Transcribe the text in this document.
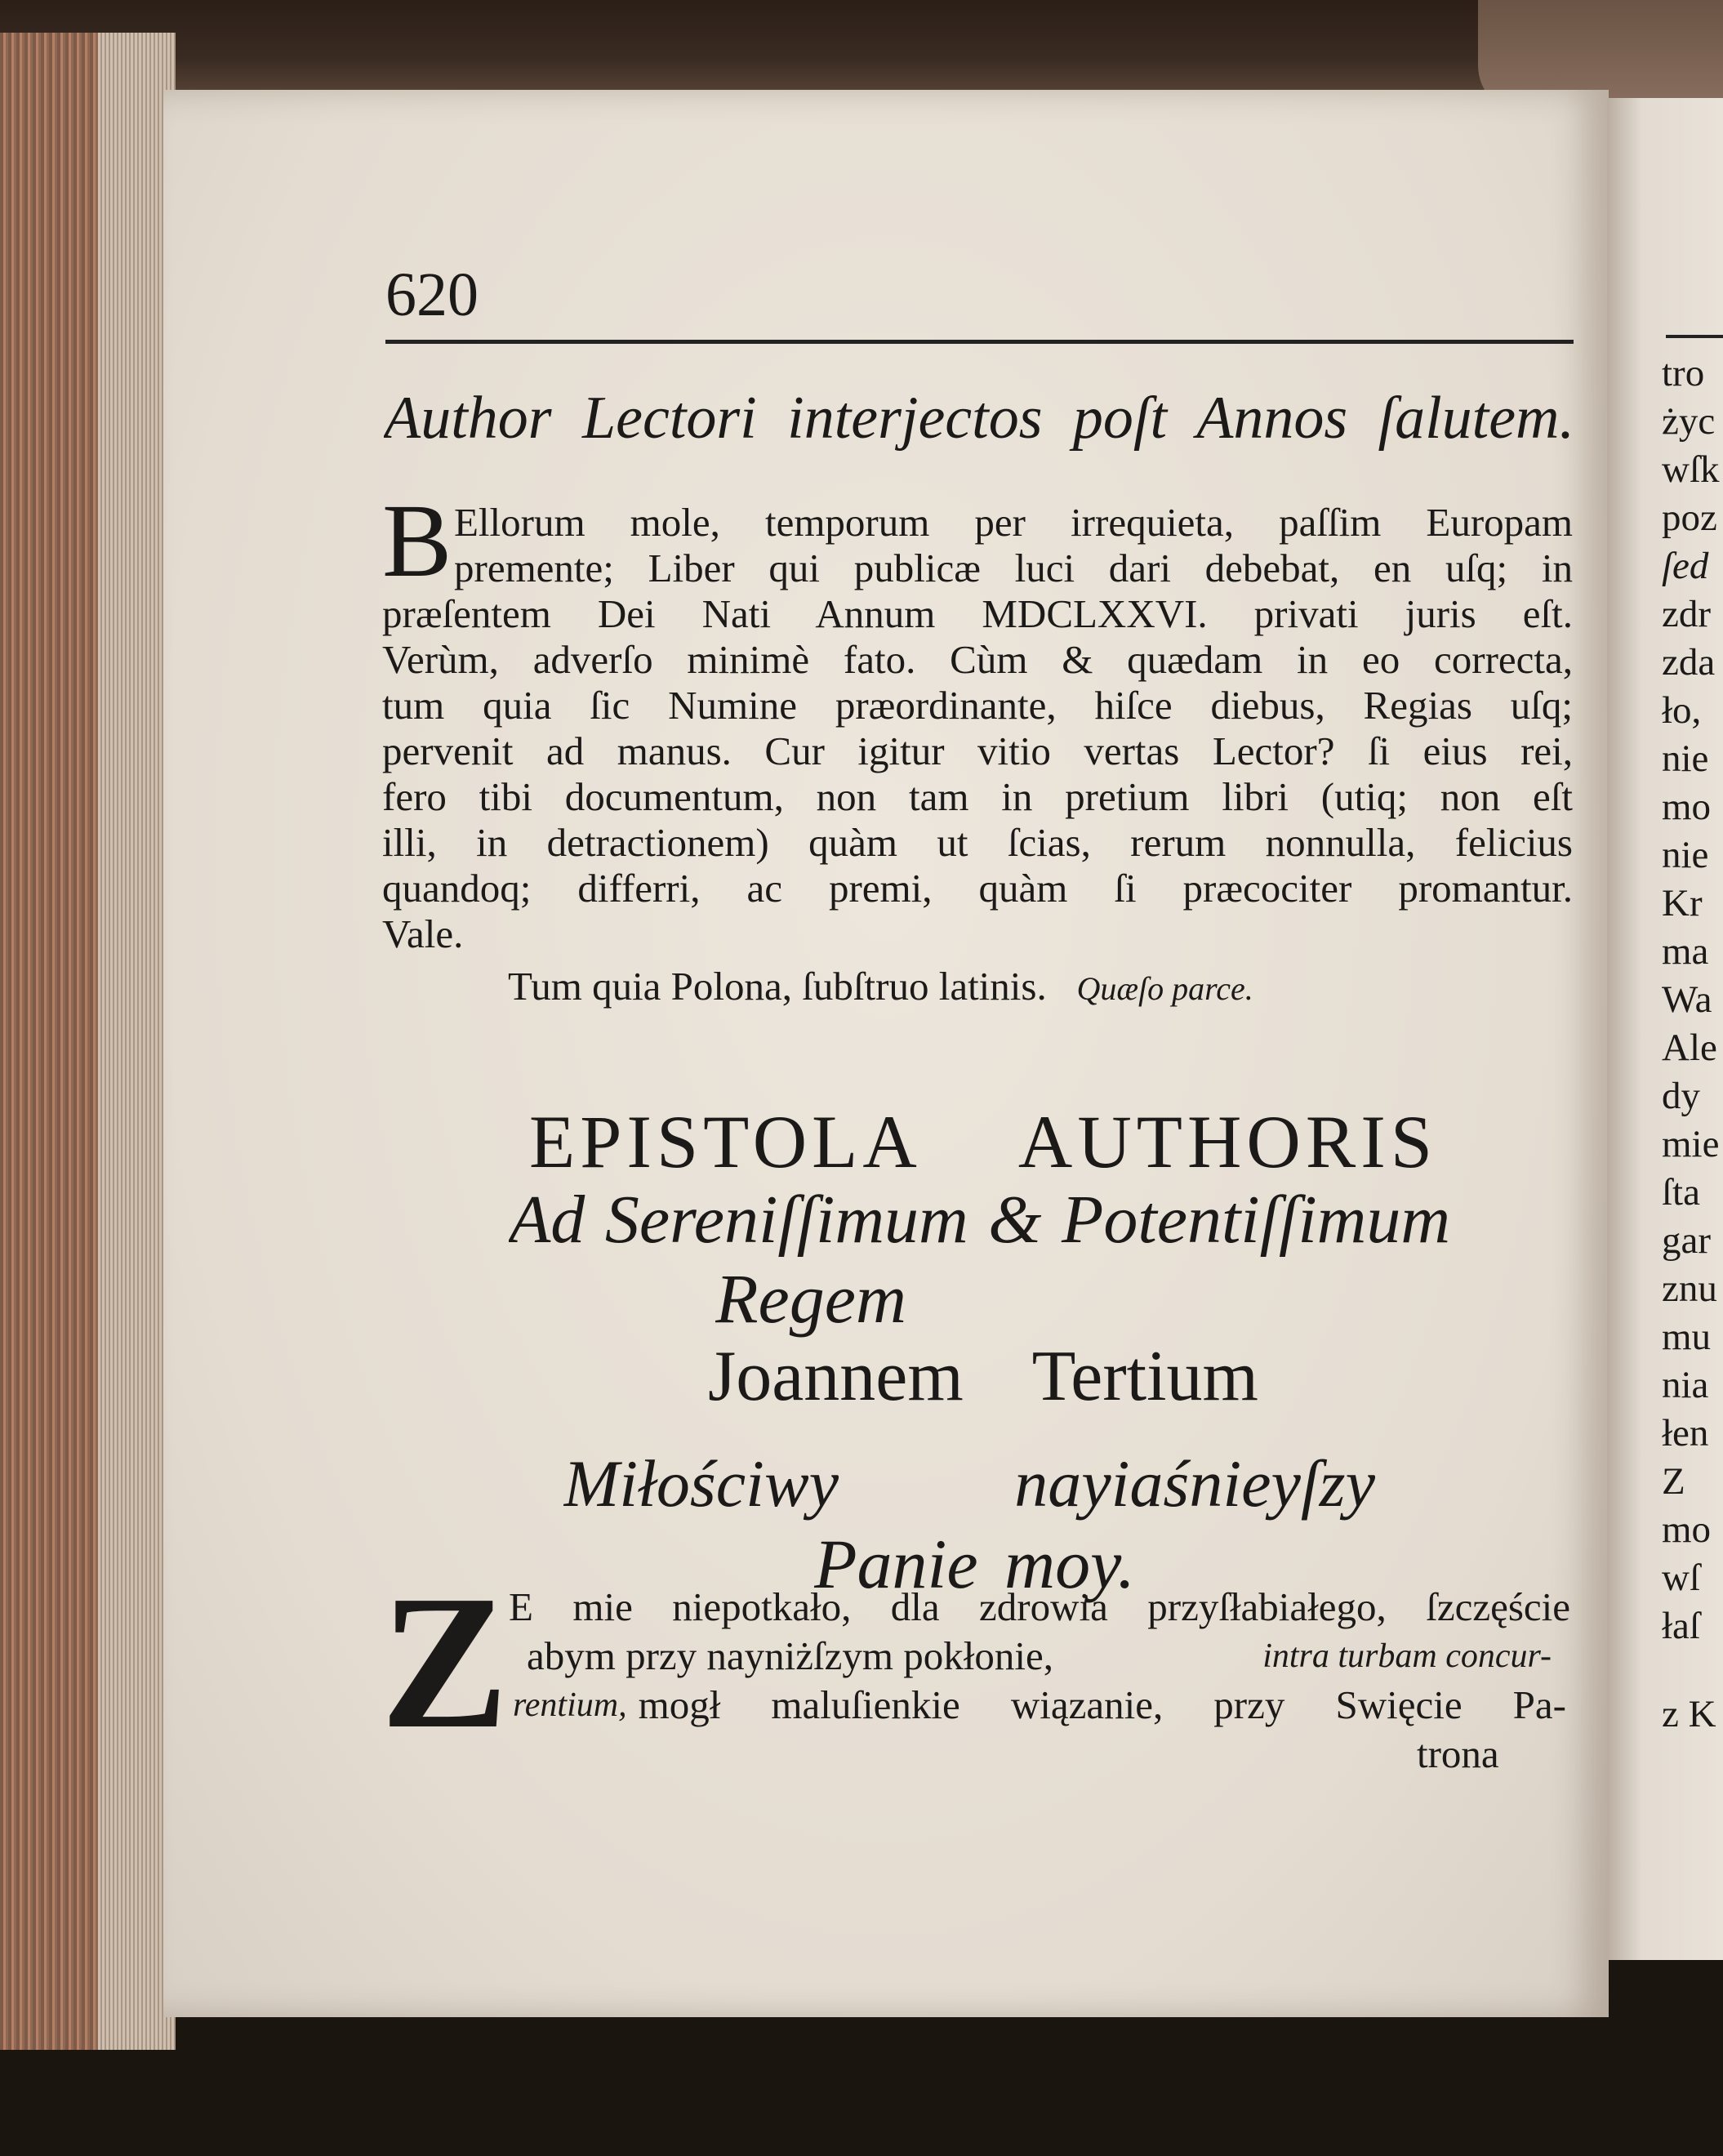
620
Author Lectori interjectos poſt Annos ſalutem.
B Ellorum mole, temporum per irrequieta, paſſim Europam
premente; Liber qui publicæ luci dari debebat, en uſq; in
præſentem Dei Nati Annum MDCLXXVI. privati juris eſt.
Verùm, adverſo minimè fato. Cùm & quædam in eo correcta,
tum quia ſic Numine præordinante, hiſce diebus, Regias uſq;
pervenit ad manus. Cur igitur vitio vertas Lector? ſi eius rei,
fero tibi documentum, non tam in pretium libri (utiq; non eſt
illi, in detractionem) quàm ut ſcias, rerum nonnulla, felicius
quandoq; differri, ac premi, quàm ſi præcociter promantur.
Vale.
Tum quia Polona, ſubſtruo latinis. Quæſo parce.
EPISTOLA AUTHORIS
Ad Sereniſſimum & Potentiſſimum
Regem
Joannem Tertium
Miłościwy nayiaśnieyſzy
Panie moy.
Z E mie niepotkało, dla zdrowia przyſłabiałego, ſzczęście
abym przy nayniżſzym pokłonie,	intra turbam concur-
rentium, mogł maluſienkie wiązanie, przy Swięcie Pa-
trona
tro
życ
wſk
poz
ſed
zdr
zda
ło,
nie
mo
nie
Kr
ma
Wa
Ale
dy
mie
ſta
gar
znu
mu
nia
łen
Z
mo
wſ
łaſ
z K
